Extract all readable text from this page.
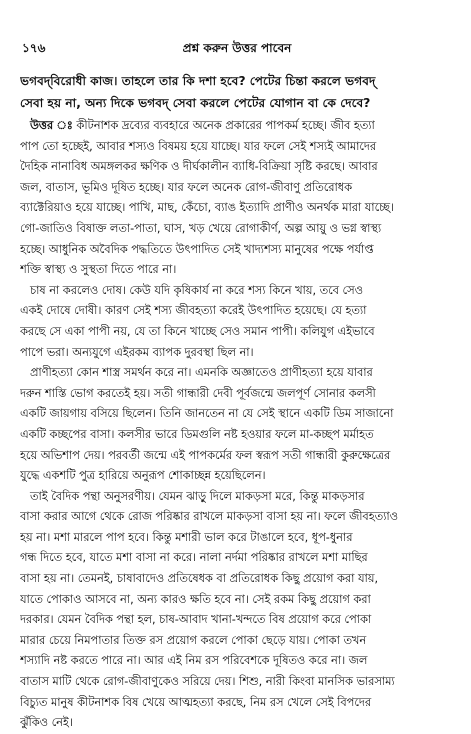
১৭৬	প্রশ্ন করুন উত্তর পাবেন
ভগবদ্‌বিরোধী কাজ। তাহলে তার কি দশা হবে? পেটের চিন্তা করলে ভগবদ্‌
সেবা হয় না, অন্য দিকে ভগবদ্‌ সেবা করলে পেটের যোগান বা কে দেবে?
উত্তর ঃ কীটনাশক দ্রব্যের ব্যবহারে অনেক প্রকারের পাপকর্ম হচ্ছে। জীব হত্যা
পাপ তো হচ্ছেই, আবার শস্যও বিষময় হয়ে যাচ্ছে। যার ফলে সেই শস্যই আমাদের
দৈহিক নানাবিধ অমঙ্গলকর ক্ষণিক ও দীর্ঘকালীন ব্যাধি-বিক্রিয়া সৃষ্টি করছে। আবার
জল, বাতাস, ভূমিও দূষিত হচ্ছে। যার ফলে অনেক রোগ-জীবাণু প্রতিরোধক
ব্যাক্টেরিয়াও হয়ে যাচ্ছে। পাখি, মাছ, কেঁচো, ব্যাঙ ইত্যাদি প্রাণীও অনর্থক মারা যাচ্ছে।
গো-জাতিও বিষাক্ত লতা-পাতা, ঘাস, খড় খেয়ে রোগাকীর্ণ, অল্প আয়ু ও ভগ্ন স্বাস্থ্য
হচ্ছে। আধুনিক অবৈদিক পদ্ধতিতে উৎপাদিত সেই খাদ্যশস্য মানুষের পক্ষে পর্যাপ্ত
শক্তি স্বাস্থ্য ও সুস্থতা দিতে পারে না।
চাষ না করলেও দোষ। কেউ যদি কৃষিকার্য না করে শস্য কিনে খায়, তবে সেও
একই দোষে দোষী। কারণ সেই শস্য জীবহত্যা করেই উৎপাদিত হয়েছে। যে হত্যা
করছে সে একা পাপী নয়, যে তা কিনে খাচ্ছে সেও সমান পাপী। কলিযুগ এইভাবে
পাপে ভরা। অন্যযুগে এইরকম ব্যাপক দুরবস্থা ছিল না।
প্রাণীহত্যা কোন শাস্ত্র সমর্থন করে না। এমনকি অজ্ঞাতেও প্রাণীহত্যা হয়ে যাবার
দরুন শাস্তি ভোগ করতেই হয়। সতী গান্ধারী দেবী পূর্বজন্মে জলপূর্ণ সোনার কলসী
একটি জায়গায় বসিয়ে ছিলেন। তিনি জানতেন না যে সেই স্থানে একটি ডিম সাজানো
একটি কচ্ছপের বাসা। কলসীর ভারে ডিমগুলি নষ্ট হওয়ার ফলে মা-কচ্ছপ মর্মাহত
হয়ে অভিশাপ দেয়। পরবর্তী জন্মে এই পাপকর্মের ফল স্বরূপ সতী গান্ধারী কুরুক্ষেত্রের
যুদ্ধে একশটি পুত্র হারিয়ে অনুরূপ শোকাচ্ছন্ন হয়েছিলেন।
তাই বৈদিক পন্থা অনুসরণীয়। যেমন ঝাড়ু দিলে মাকড়সা মরে, কিন্তু মাকড়সার
বাসা করার আগে থেকে রোজ পরিষ্কার রাখলে মাকড়সা বাসা হয় না। ফলে জীবহত্যাও
হয় না। মশা মারলে পাপ হবে। কিন্তু মশারী ভাল করে টাঙালে হবে, ধূপ-ধুনার
গন্ধ দিতে হবে, যাতে মশা বাসা না করে। নালা নর্দমা পরিষ্কার রাখলে মশা মাছির
বাসা হয় না। তেমনই, চাষাবাদেও প্রতিষেধক বা প্রতিরোধক কিছু প্রয়োগ করা যায়,
যাতে পোকাও আসবে না, অন্য কারও ক্ষতি হবে না। সেই রকম কিছু প্রয়োগ করা
দরকার। যেমন বৈদিক পন্থা হল, চাষ-আবাদ খানা-খন্দতে বিষ প্রয়োগ করে পোকা
মারার চেয়ে নিমপাতার তিক্ত রস প্রয়োগ করলে পোকা ছেড়ে যায়। পোকা তখন
শস্যাদি নষ্ট করতে পারে না। আর এই নিম রস পরিবেশকে দূষিতও করে না। জল
বাতাস মাটি থেকে রোগ-জীবাণুকেও সরিয়ে দেয়। শিশু, নারী কিংবা মানসিক ভারসাম্য
বিচ্যুত মানুষ কীটনাশক বিষ খেয়ে আত্মহত্যা করছে, নিম রস খেলে সেই বিপদের
ঝুঁকিও নেই।
